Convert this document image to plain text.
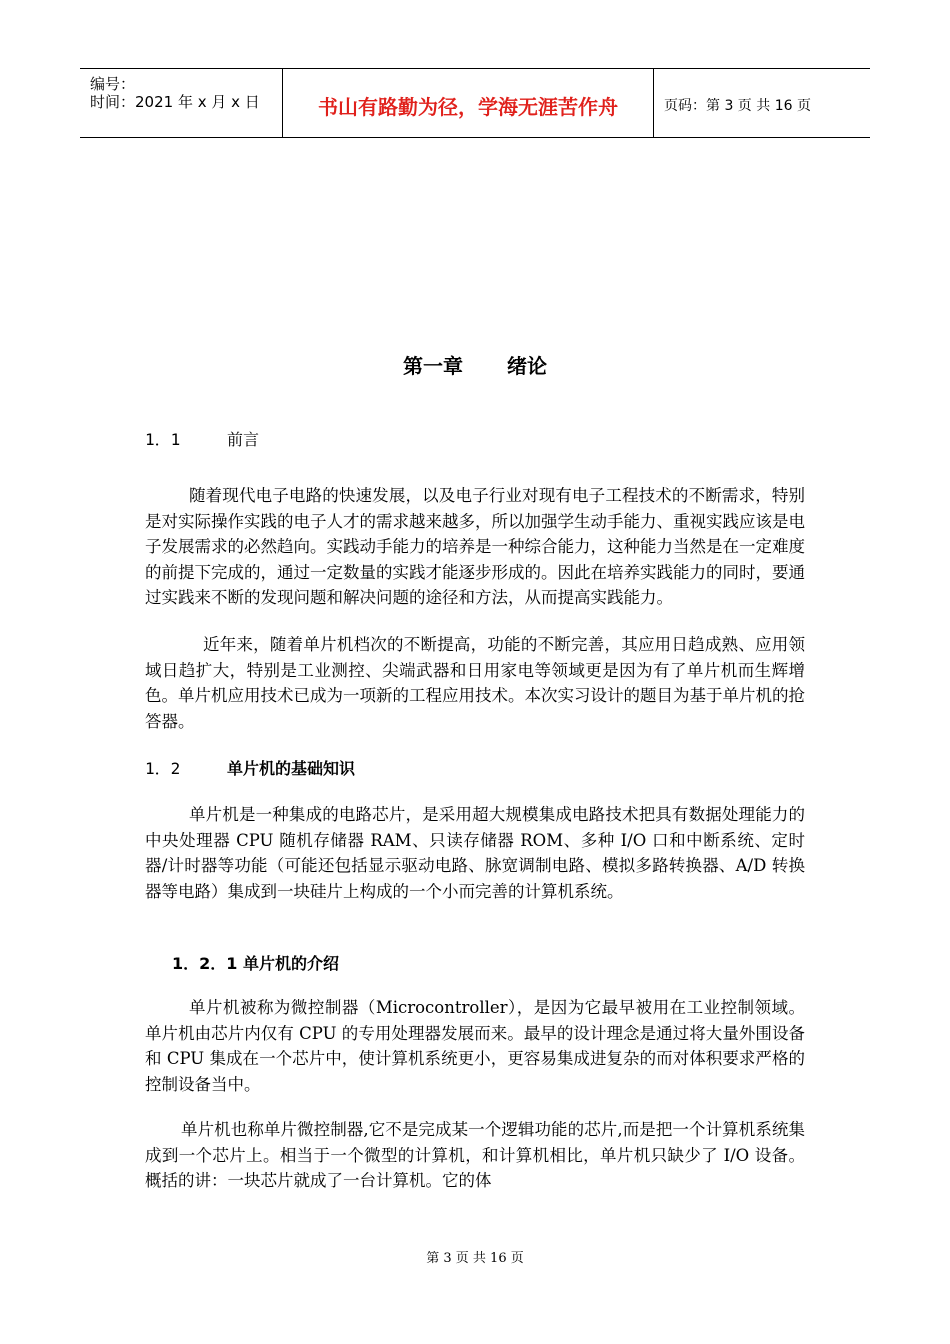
编号：
时间：2021 年 x 月 x 日	书山有路勤为径，学海无涯苦作舟	页码：第 3 页 共 16 页
第一章 绪论
1．1	前言

随着现代电子电路的快速发展，以及电子行业对现有电子工程技术的不断需求，特别是对实际操作实践的电子人才的需求越来越多，所以加强学生动手能力、重视实践应该是电子发展需求的必然趋向。实践动手能力的培养是一种综合能力，这种能力当然是在一定难度的前提下完成的，通过一定数量的实践才能逐步形成的。因此在培养实践能力的同时，要通过实践来不断的发现问题和解决问题的途径和方法，从而提高实践能力。

近年来，随着单片机档次的不断提高，功能的不断完善，其应用日趋成熟、应用领域日趋扩大，特别是工业测控、尖端武器和日用家电等领域更是因为有了单片机而生辉增色。单片机应用技术已成为一项新的工程应用技术。本次实习设计的题目为基于单片机的抢答器。

1．2	单片机的基础知识

单片机是一种集成的电路芯片，是采用超大规模集成电路技术把具有数据处理能力的中央处理器 CPU 随机存储器 RAM、只读存储器 ROM、多种 I/O 口和中断系统、定时器/计时器等功能（可能还包括显示驱动电路、脉宽调制电路、模拟多路转换器、A/D 转换器等电路）集成到一块硅片上构成的一个小而完善的计算机系统。

1．2．1 单片机的介绍

单片机被称为微控制器（Microcontroller），是因为它最早被用在工业控制领域。单片机由芯片内仅有 CPU 的专用处理器发展而来。最早的设计理念是通过将大量外围设备和 CPU 集成在一个芯片中，使计算机系统更小，更容易集成进复杂的而对体积要求严格的控制设备当中。

单片机也称单片微控制器,它不是完成某一个逻辑功能的芯片,而是把一个计算机系统集成到一个芯片上。相当于一个微型的计算机，和计算机相比，单片机只缺少了 I/O 设备。概括的讲：一块芯片就成了一台计算机。它的体

第 3 页 共 16 页
